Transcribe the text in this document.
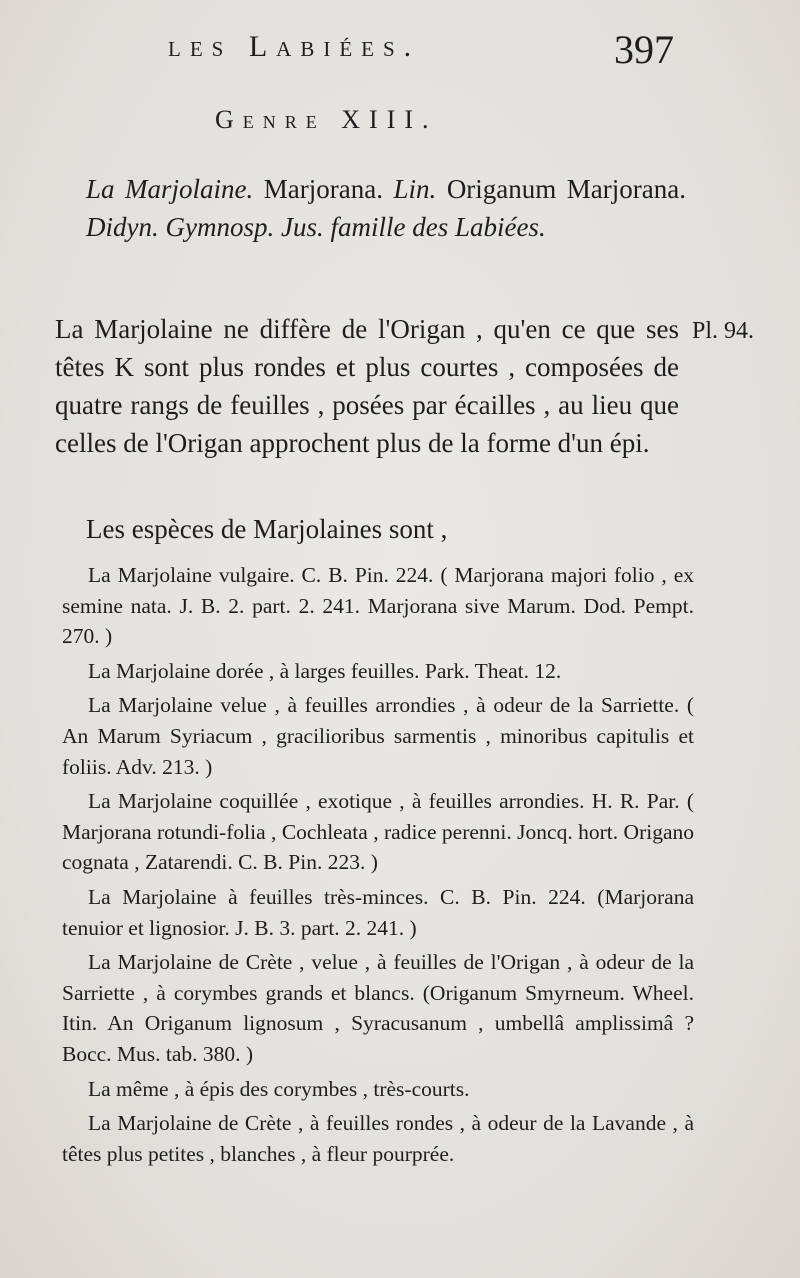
les Labiées.	397
Genre XIII.
La Marjolaine. Marjorana. Lin. Origanum Marjorana. Didyn. Gymnosp. Jus. famille des Labiées.
La Marjolaine ne diffère de l'Origan , qu'en ce que ses têtes K sont plus rondes et plus courtes , composées de quatre rangs de feuilles , posées par écailles , au lieu que celles de l'Origan approchent plus de la forme d'un épi.
Pl. 94.
Les espèces de Marjolaines sont ,

La Marjolaine vulgaire. C. B. Pin. 224. ( Marjorana majori folio , ex semine nata. J. B. 2. part. 2. 241. Marjorana sive Marum. Dod. Pempt. 270. )

La Marjolaine dorée , à larges feuilles. Park. Theat. 12.

La Marjolaine velue , à feuilles arrondies , à odeur de la Sarriette. ( An Marum Syriacum , gracilioribus sarmentis , minoribus capitulis et foliis. Adv. 213. )

La Marjolaine coquillée , exotique , à feuilles arrondies. H. R. Par. ( Marjorana rotundi-folia , Cochleata , radice perenni. Joncq. hort. Origano cognata , Zatarendi. C. B. Pin. 223. )

La Marjolaine à feuilles très-minces. C. B. Pin. 224. (Marjorana tenuior et lignosior. J. B. 3. part. 2. 241. )

La Marjolaine de Crète , velue , à feuilles de l'Origan , à odeur de la Sarriette , à corymbes grands et blancs. (Origanum Smyrneum. Wheel. Itin. An Origanum lignosum , Syracusanum , umbellâ amplissimâ ? Bocc. Mus. tab. 380. )

La même , à épis des corymbes , très-courts.

La Marjolaine de Crète , à feuilles rondes , à odeur de la Lavande , à têtes plus petites , blanches , à fleur pourprée.
